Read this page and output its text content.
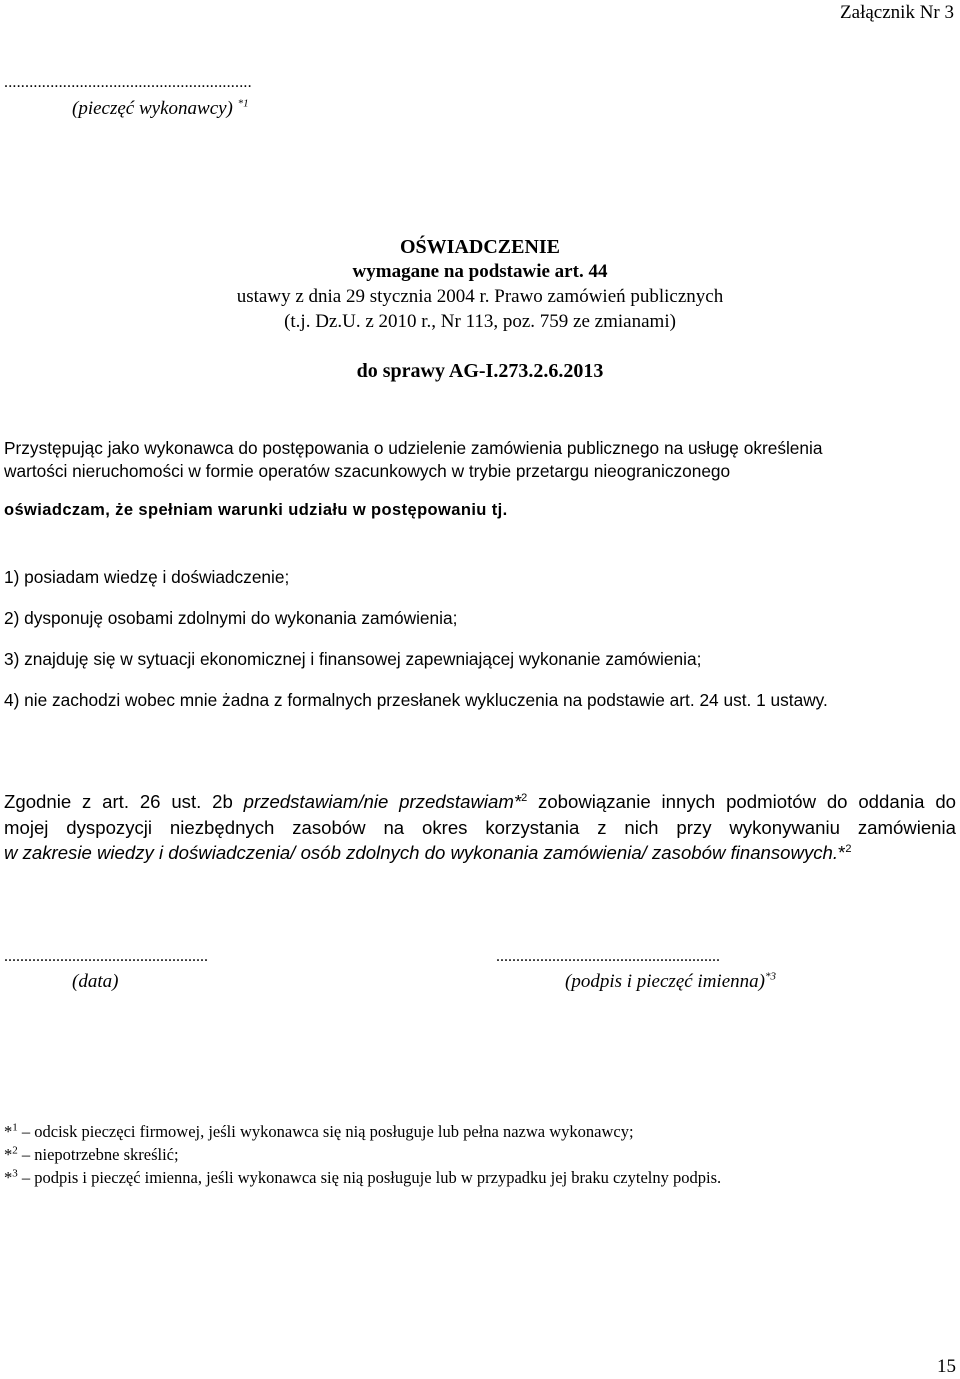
Załącznik Nr 3
...........................................................
(pieczęć wykonawcy) $^{*1}$
OŚWIADCZENIE
wymagane na podstawie art. 44
ustawy z dnia 29 stycznia 2004 r. Prawo zamówień publicznych
(t.j. Dz.U. z 2010 r., Nr 113, poz. 759 ze zmianami)
do sprawy AG-I.273.2.6.2013
Przystępując jako wykonawca do postępowania o udzielenie zamówienia publicznego na usługę określenia
wartości nieruchomości w formie operatów szacunkowych w trybie przetargu nieograniczonego
oświadczam, że spełniam warunki udziału w postępowaniu tj.
1) posiadam wiedzę i doświadczenie;
2) dysponuję osobami zdolnymi do wykonania zamówienia;
3) znajduję się w sytuacji ekonomicznej i finansowej zapewniającej wykonanie zamówienia;
4) nie zachodzi wobec mnie żadna z formalnych przesłanek wykluczenia na podstawie art. 24 ust. 1 ustawy.
Zgodnie z art. 26 ust. 2b przedstawiam/nie przedstawiam*$^2$ zobowiązanie innych podmiotów do oddania do
mojej dyspozycji niezbędnych zasobów na okres korzystania z nich przy wykonywaniu zamówienia
w zakresie wiedzy i doświadczenia/ osób zdolnych do wykonania zamówienia/ zasobów finansowych.*$^2$
...................................................
(data)
........................................................
(podpis i pieczęć imienna)$^{*3}$
*$^1$ – odcisk pieczęci firmowej, jeśli wykonawca się nią posługuje lub pełna nazwa wykonawcy;
*$^2$ – niepotrzebne skreślić;
*$^3$ – podpis i pieczęć imienna, jeśli wykonawca się nią posługuje lub w przypadku jej braku czytelny podpis.
15
